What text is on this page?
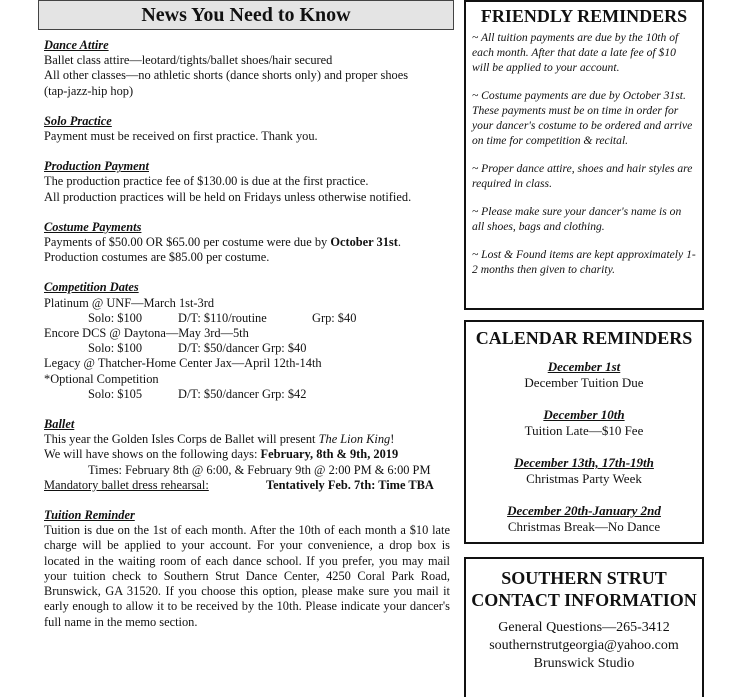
News You Need to Know
Dance Attire
Ballet class attire—leotard/tights/ballet shoes/hair secured
All other classes—no athletic shorts (dance shorts only) and proper shoes
(tap-jazz-hip hop)
Solo Practice
Payment must be received on first practice. Thank you.
Production Payment
The production practice fee of $130.00 is due at the first practice.
All production practices will be held on Fridays unless otherwise notified.
Costume Payments
Payments of $50.00 OR $65.00 per costume were due by October 31st.
Production costumes are $85.00 per costume.
Competition Dates
Platinum @ UNF—March 1st-3rd
Solo: $100	D/T: $110/routine	Grp: $40
Encore DCS @ Daytona—May 3rd—5th
Solo: $100	D/T: $50/dancer Grp: $40
Legacy @ Thatcher-Home Center Jax—April 12th-14th
*Optional Competition
Solo: $105	D/T: $50/dancer Grp: $42
Ballet
This year the Golden Isles Corps de Ballet will present The Lion King!
We will have shows on the following days: February, 8th & 9th, 2019
Times: February 8th @ 6:00, & February 9th @ 2:00 PM & 6:00 PM
Mandatory ballet dress rehearsal:	Tentatively Feb. 7th: Time TBA
Tuition Reminder
Tuition is due on the 1st of each month. After the 10th of each month a $10 late charge will be applied to your account. For your convenience, a drop box is located in the waiting room of each dance school. If you prefer, you may mail your tuition check to Southern Strut Dance Center, 4250 Coral Park Road, Brunswick, GA 31520. If you choose this option, please make sure you mail it early enough to allow it to be received by the 10th. Please indicate your dancer's full name in the memo section.
FRIENDLY REMINDERS

~ All tuition payments are due by the 10th of each month. After that date a late fee of $10 will be applied to your account.

~ Costume payments are due by October 31st. These payments must be on time in order for your dancer's costume to be ordered and arrive on time for competition & recital.

~ Proper dance attire, shoes and hair styles are required in class.

~ Please make sure your dancer's name is on all shoes, bags and clothing.

~ Lost & Found items are kept approximately 1-2 months then given to charity.

CALENDAR REMINDERS
December 1st
December Tuition Due
December 10th
Tuition Late—$10 Fee
December 13th, 17th-19th
Christmas Party Week
December 20th-January 2nd
Christmas Break—No Dance
SOUTHERN STRUT
CONTACT INFORMATION
General Questions—265-3412
southernstrutgeorgia@yahoo.com
Brunswick Studio
